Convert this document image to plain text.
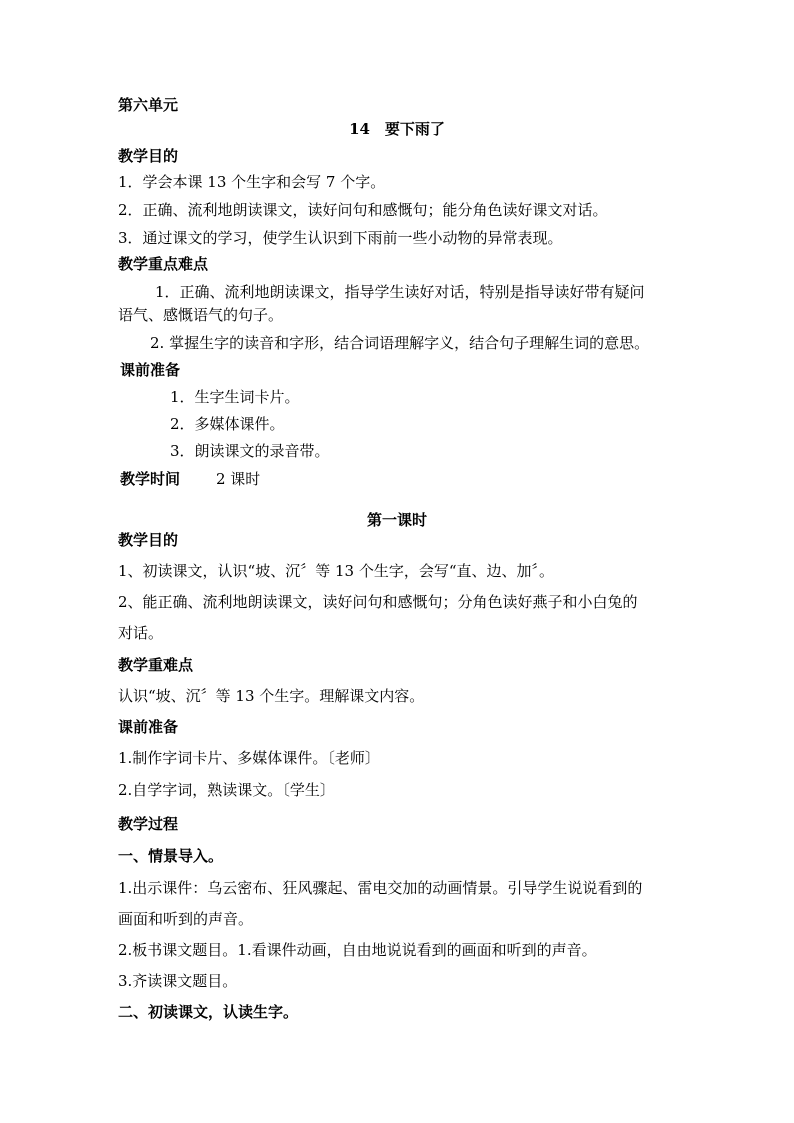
第六单元
14　要下雨了
教学目的
1．学会本课 13 个生字和会写 7 个字。
2．正确、流利地朗读课文，读好问句和感慨句；能分角色读好课文对话。
3．通过课文的学习，使学生认识到下雨前一些小动物的异常表现。
教学重点难点
1．正确、流利地朗读课文，指导学生读好对话，特别是指导读好带有疑问
语气、感慨语气的句子。
2. 掌握生字的读音和字形，结合词语理解字义，结合句子理解生词的意思。
课前准备
1．生字生词卡片。
2．多媒体课件。
3．朗读课文的录音带。
教学时间 2 课时
第一课时
教学目的
1、初读课文，认识“坡、沉〞等 13 个生字，会写“直、边、加〞。
2、能正确、流利地朗读课文，读好问句和感慨句；分角色读好燕子和小白兔的
对话。
教学重难点
认识“坡、沉〞等 13 个生字。理解课文内容。
课前准备
1.制作字词卡片、多媒体课件。〔老师〕
2.自学字词，熟读课文。〔学生〕
教学过程
一、情景导入。
1.出示课件：乌云密布、狂风骤起、雷电交加的动画情景。引导学生说说看到的
画面和听到的声音。
2.板书课文题目。1.看课件动画，自由地说说看到的画面和听到的声音。
3.齐读课文题目。
二、初读课文，认读生字。
